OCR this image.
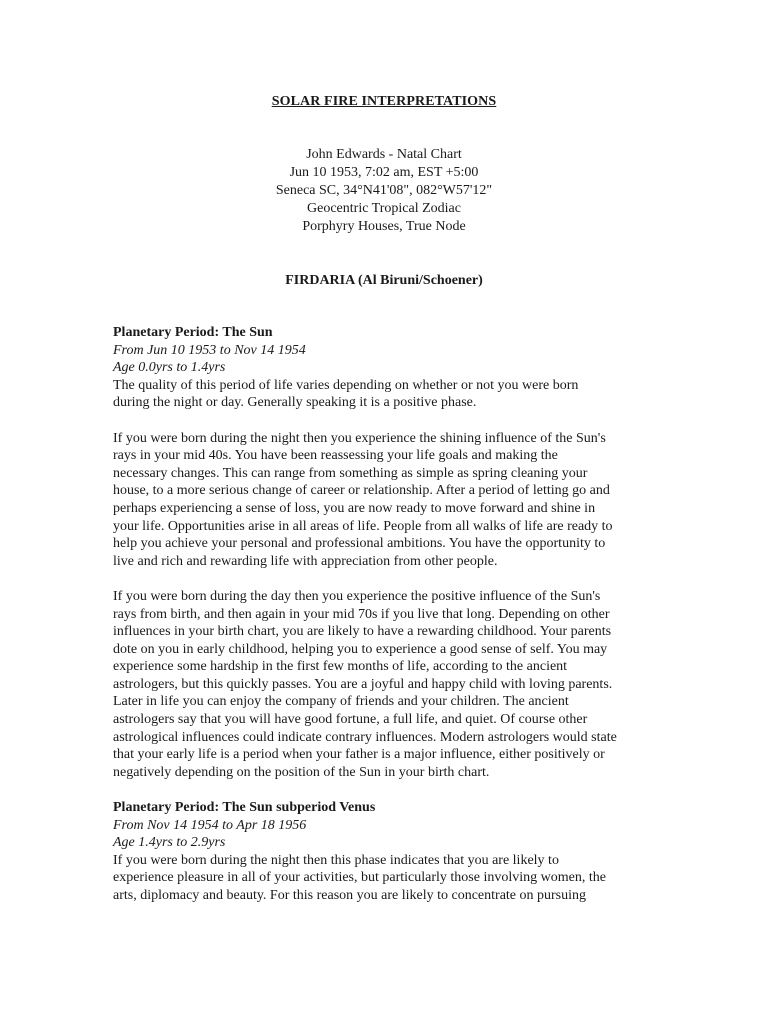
SOLAR FIRE INTERPRETATIONS
John Edwards - Natal Chart
Jun 10 1953, 7:02 am, EST +5:00
Seneca SC, 34°N41'08", 082°W57'12"
Geocentric Tropical Zodiac
Porphyry Houses, True Node
FIRDARIA (Al Biruni/Schoener)
Planetary Period: The Sun
From Jun 10 1953 to Nov 14 1954
Age 0.0yrs to 1.4yrs
The quality of this period of life varies depending on whether or not you were born
during the night or day. Generally speaking it is a positive phase.
If you were born during the night then you experience the shining influence of the Sun's
rays in your mid 40s. You have been reassessing your life goals and making the
necessary changes. This can range from something as simple as spring cleaning your
house, to a more serious change of career or relationship. After a period of letting go and
perhaps experiencing a sense of loss, you are now ready to move forward and shine in
your life. Opportunities arise in all areas of life. People from all walks of life are ready to
help you achieve your personal and professional ambitions. You have the opportunity to
live and rich and rewarding life with appreciation from other people.
If you were born during the day then you experience the positive influence of the Sun's
rays from birth, and then again in your mid 70s if you live that long. Depending on other
influences in your birth chart, you are likely to have a rewarding childhood. Your parents
dote on you in early childhood, helping you to experience a good sense of self. You may
experience some hardship in the first few months of life, according to the ancient
astrologers, but this quickly passes. You are a joyful and happy child with loving parents.
Later in life you can enjoy the company of friends and your children. The ancient
astrologers say that you will have good fortune, a full life, and quiet. Of course other
astrological influences could indicate contrary influences. Modern astrologers would state
that your early life is a period when your father is a major influence, either positively or
negatively depending on the position of the Sun in your birth chart.
Planetary Period: The Sun subperiod Venus
From Nov 14 1954 to Apr 18 1956
Age 1.4yrs to 2.9yrs
If you were born during the night then this phase indicates that you are likely to
experience pleasure in all of your activities, but particularly those involving women, the
arts, diplomacy and beauty. For this reason you are likely to concentrate on pursuing
